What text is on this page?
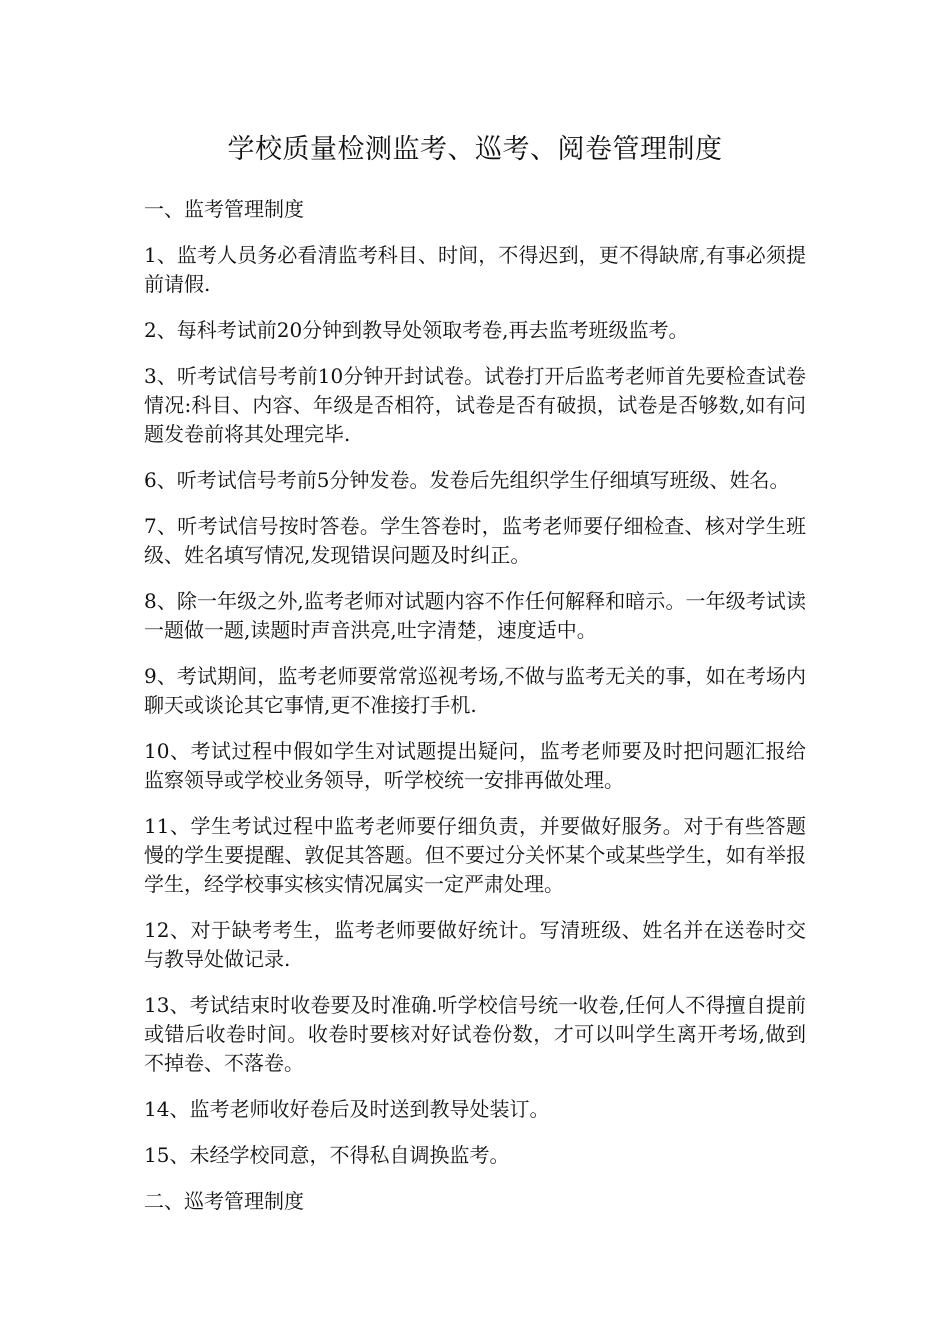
学校质量检测监考、巡考、阅卷管理制度

一、监考管理制度

1、监考人员务必看清监考科目、时间，不得迟到，更不得缺席,有事必须提前请假.

2、每科考试前20分钟到教导处领取考卷,再去监考班级监考。

3、听考试信号考前10分钟开封试卷。试卷打开后监考老师首先要检查试卷情况:科目、内容、年级是否相符，试卷是否有破损，试卷是否够数,如有问题发卷前将其处理完毕.

6、听考试信号考前5分钟发卷。发卷后先组织学生仔细填写班级、姓名。

7、听考试信号按时答卷。学生答卷时，监考老师要仔细检查、核对学生班级、姓名填写情况,发现错误问题及时纠正。

8、除一年级之外,监考老师对试题内容不作任何解释和暗示。一年级考试读一题做一题,读题时声音洪亮,吐字清楚，速度适中。

9、考试期间，监考老师要常常巡视考场,不做与监考无关的事，如在考场内聊天或谈论其它事情,更不准接打手机.

10、考试过程中假如学生对试题提出疑问，监考老师要及时把问题汇报给监察领导或学校业务领导，听学校统一安排再做处理。

11、学生考试过程中监考老师要仔细负责，并要做好服务。对于有些答题慢的学生要提醒、敦促其答题。但不要过分关怀某个或某些学生，如有举报学生，经学校事实核实情况属实一定严肃处理。

12、对于缺考考生，监考老师要做好统计。写清班级、姓名并在送卷时交与教导处做记录.

13、考试结束时收卷要及时准确.听学校信号统一收卷,任何人不得擅自提前或错后收卷时间。收卷时要核对好试卷份数，才可以叫学生离开考场,做到不掉卷、不落卷。

14、监考老师收好卷后及时送到教导处装订。

15、未经学校同意，不得私自调换监考。

二、巡考管理制度
